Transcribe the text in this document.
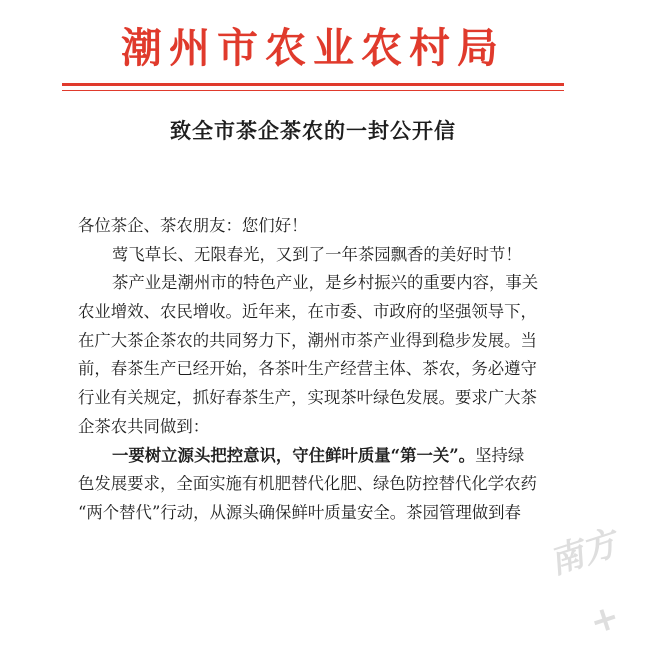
潮州市农业农村局
致全市茶企茶农的一封公开信
各位茶企、茶农朋友：您们好！
莺飞草长、无限春光，又到了一年茶园飘香的美好时节！
茶产业是潮州市的特色产业，是乡村振兴的重要内容，事关
农业增效、农民增收。近年来，在市委、市政府的坚强领导下，
在广大茶企茶农的共同努力下，潮州市茶产业得到稳步发展。当
前，春茶生产已经开始，各茶叶生产经营主体、茶农，务必遵守
行业有关规定，抓好春茶生产，实现茶叶绿色发展。要求广大茶
企茶农共同做到：
一要树立源头把控意识，守住鲜叶质量“第一关”。坚持绿
色发展要求，全面实施有机肥替代化肥、绿色防控替代化学农药
“两个替代”行动，从源头确保鲜叶质量安全。茶园管理做到春
南方+
